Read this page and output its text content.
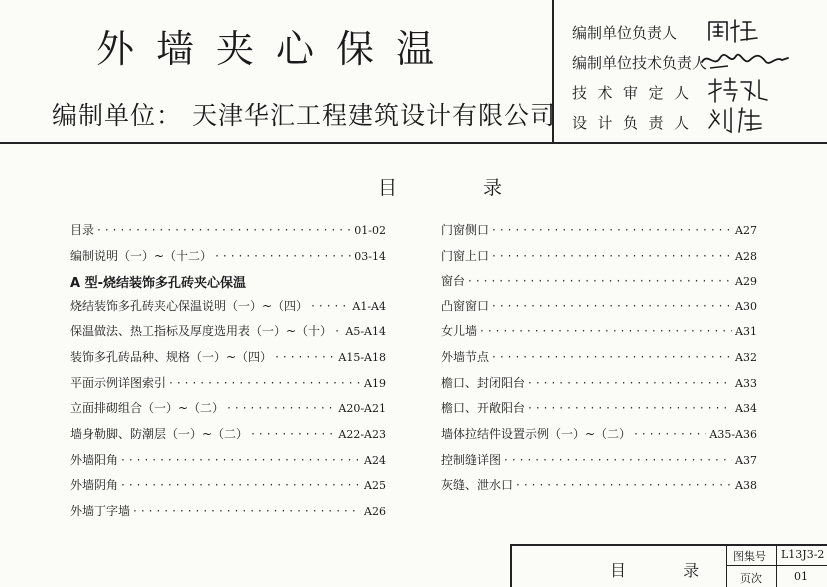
外墙夹心保温
编制单位： 天津华汇工程建筑设计有限公司
编制单位负责人
编制单位技术负责人
技术审定人
设计负责人
目 录
目录 ·····	01-02
编制说明（一）~（十二） ·····	03-14
A 型-烧结装饰多孔砖夹心保温
烧结装饰多孔砖夹心保温说明（一）~（四） ·····	A1-A4
保温做法、热工指标及厚度选用表（一）~（十） ····· A5-A14
装饰多孔砖品种、规格（一）~（四） ·····	A15-A18
平面示例详图索引 ·····	A19
立面排砌组合（一）~（二） ·····	A20-A21
墙身勒脚、防潮层（一）~（二） ·····	A22-A23
外墙阳角 ·····	A24
外墙阴角 ·····	A25
外墙丁字墙 ·····	A26
门窗侧口 ·····	A27
门窗上口 ·····	A28
窗台 ·····	A29
凸窗窗口 ·····	A30
女儿墙 ·····	A31
外墙节点 ·····	A32
檐口、封闭阳台 ·····	A33
檐口、开敞阳台 ·····	A34
墙体拉结件设置示例（一）~（二） ·····	A35-A36
控制缝详图 ·····	A37
灰缝、泄水口 ·····	A38
目 录
图集号 L13J3-2
页次	01
